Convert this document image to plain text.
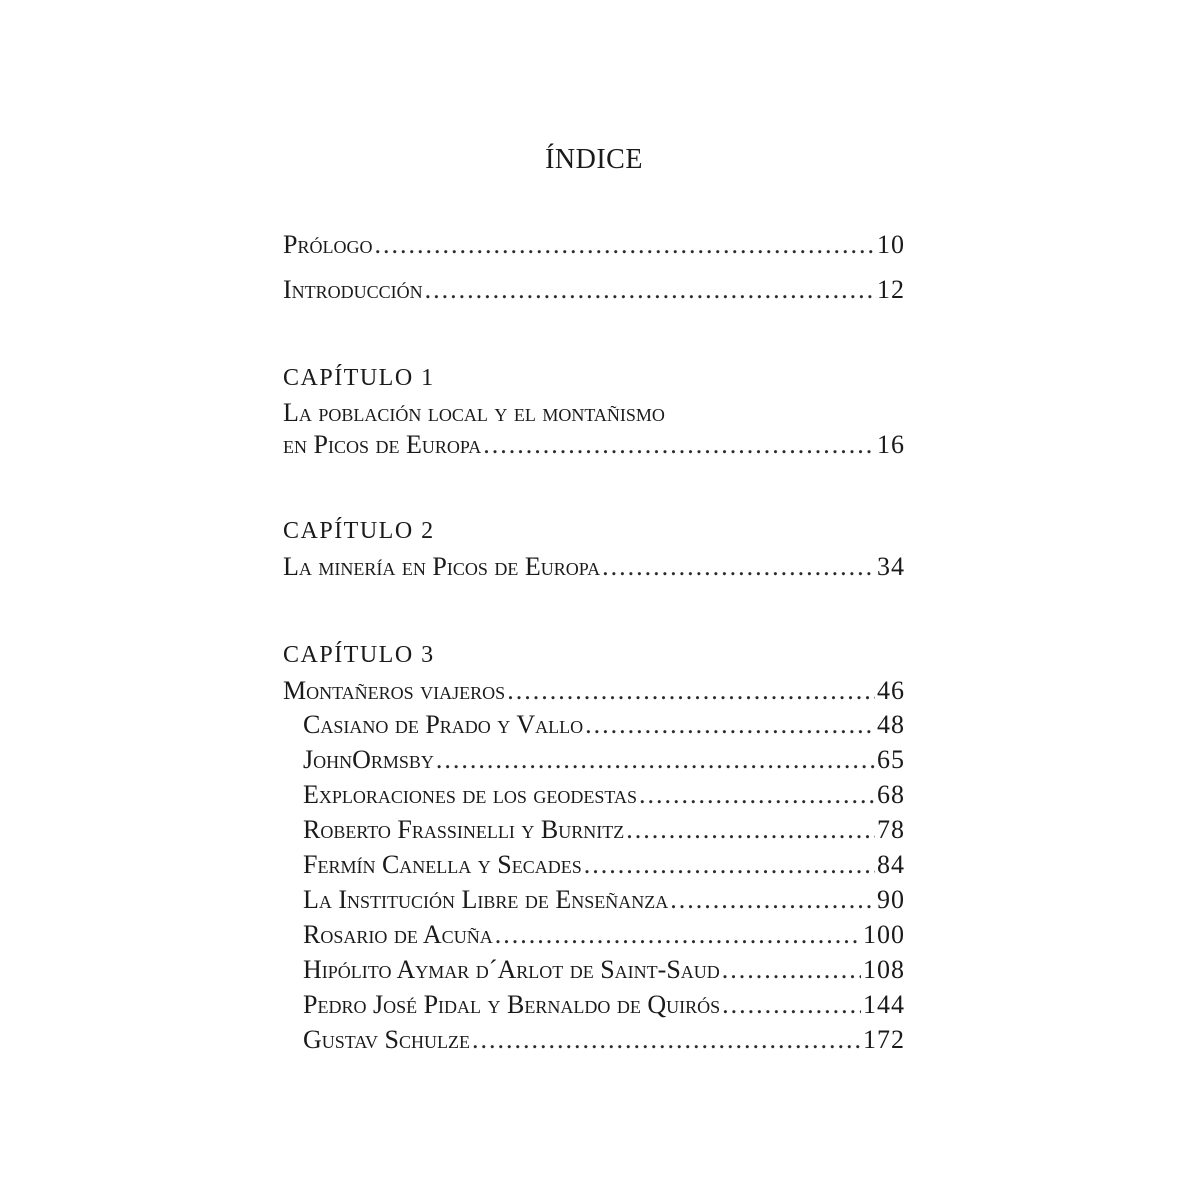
ÍNDICE
Prólogo .....	10
Introducción .....	12
CAPÍTULO 1
La población local y el montañismo
en Picos de Europa .....	16
CAPÍTULO 2
La minería en Picos de Europa .....	34
CAPÍTULO 3
Montañeros viajeros .....	46
Casiano de Prado y Vallo .....	48
JohnOrmsby .....	65
Exploraciones de los geodestas .....	68
Roberto Frassinelli y Burnitz .....	78
Fermín Canella y Secades .....	84
La Institución Libre de Enseñanza .....	90
Rosario de Acuña .....	100
Hipólito Aymar d´Arlot de Saint-Saud .....	108
Pedro José Pidal y Bernaldo de Quirós .....	144
Gustav Schulze .....	172
